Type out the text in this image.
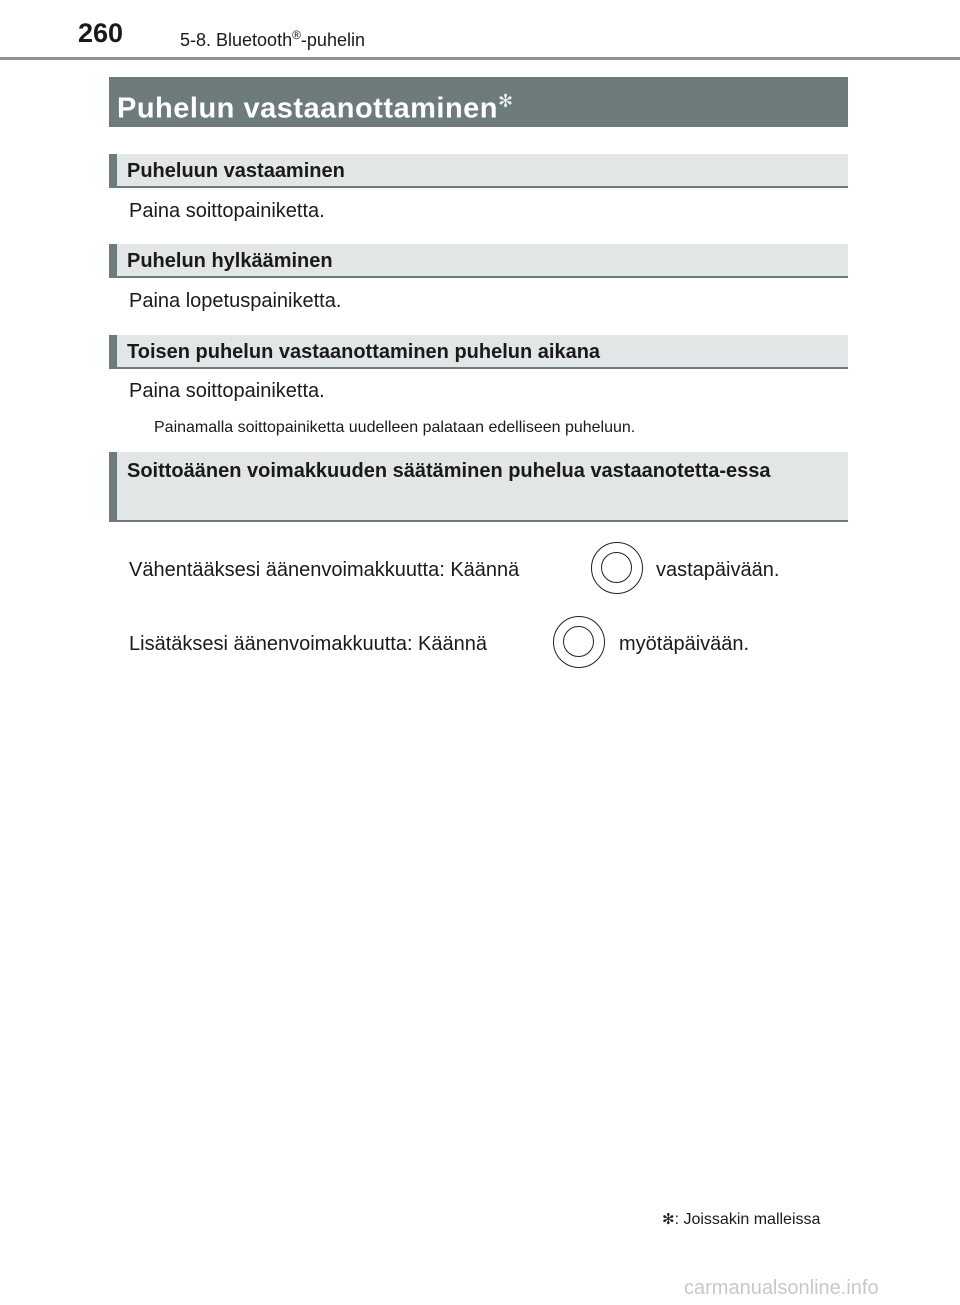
260	5-8. Bluetooth®-puhelin
Puhelun vastaanottaminen✻
Puheluun vastaaminen
Paina soittopainiketta.
Puhelun hylkääminen
Paina lopetuspainiketta.
Toisen puhelun vastaanottaminen puhelun aikana
Paina soittopainiketta.
Painamalla soittopainiketta uudelleen palataan edelliseen puheluun.
Soittoäänen voimakkuuden säätäminen puhelua vastaanotetta-essa
Vähentääksesi äänenvoimakkuutta: Käännä	vastapäivään.
Lisätäksesi äänenvoimakkuutta: Käännä	myötäpäivään.
✻: Joissakin malleissa
carmanualsonline.info
